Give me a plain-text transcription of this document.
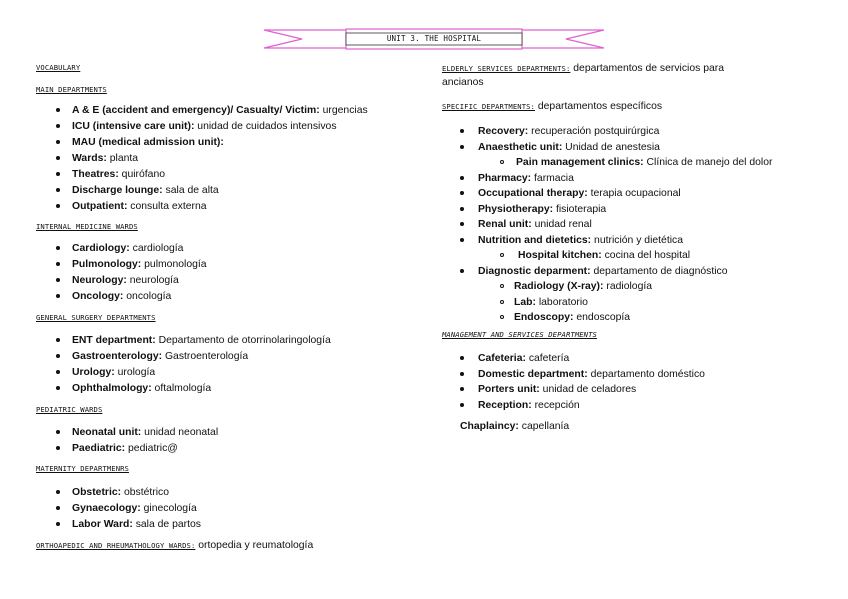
UNIT 3. THE HOSPITAL
VOCABULARY
MAIN DEPARTMENTS
A & E (accident and emergency)/ Casualty/ Victim: urgencias
ICU (intensive care unit): unidad de cuidados intensivos
MAU (medical admission unit):
Wards: planta
Theatres: quirófano
Discharge lounge: sala de alta
Outpatient: consulta externa
INTERNAL MEDICINE WARDS
Cardiology: cardiología
Pulmonology: pulmonología
Neurology: neurología
Oncology: oncología
GENERAL SURGERY DEPARTMENTS
ENT department: Departamento de otorrinolaringología
Gastroenterology: Gastroenterología
Urology: urología
Ophthalmology: oftalmología
PEDIATRIC WARDS
Neonatal unit: unidad neonatal
Paediatric: pediatric@
MATERNITY DEPARTMENRS
Obstetric: obstétrico
Gynaecology: ginecología
Labor Ward: sala de partos
ORTHOAPEDIC AND RHEUMATHOLOGY WARDS: ortopedia y reumatología
ELDERLY SERVICES DEPARTMENTS: departamentos de servicios para
ancianos
SPECIFIC DEPARTMENTS: departamentos específicos
Recovery: recuperación postquirúrgica
Anaesthetic unit: Unidad de anestesia
Pain management clinics: Clínica de manejo del dolor
Pharmacy: farmacia
Occupational therapy: terapia ocupacional
Physiotherapy: fisioterapia
Renal unit: unidad renal
Nutrition and dietetics: nutrición y dietética
Hospital kitchen: cocina del hospital
Diagnostic deparment: departamento de diagnóstico
Radiology (X-ray): radiología
Lab: laboratorio
Endoscopy: endoscopía
MANAGEMENT AND SERVICES DEPARTMENTS
Cafeteria: cafetería
Domestic department: departamento doméstico
Porters unit: unidad de celadores
Reception: recepción
Chaplaincy: capellanía
